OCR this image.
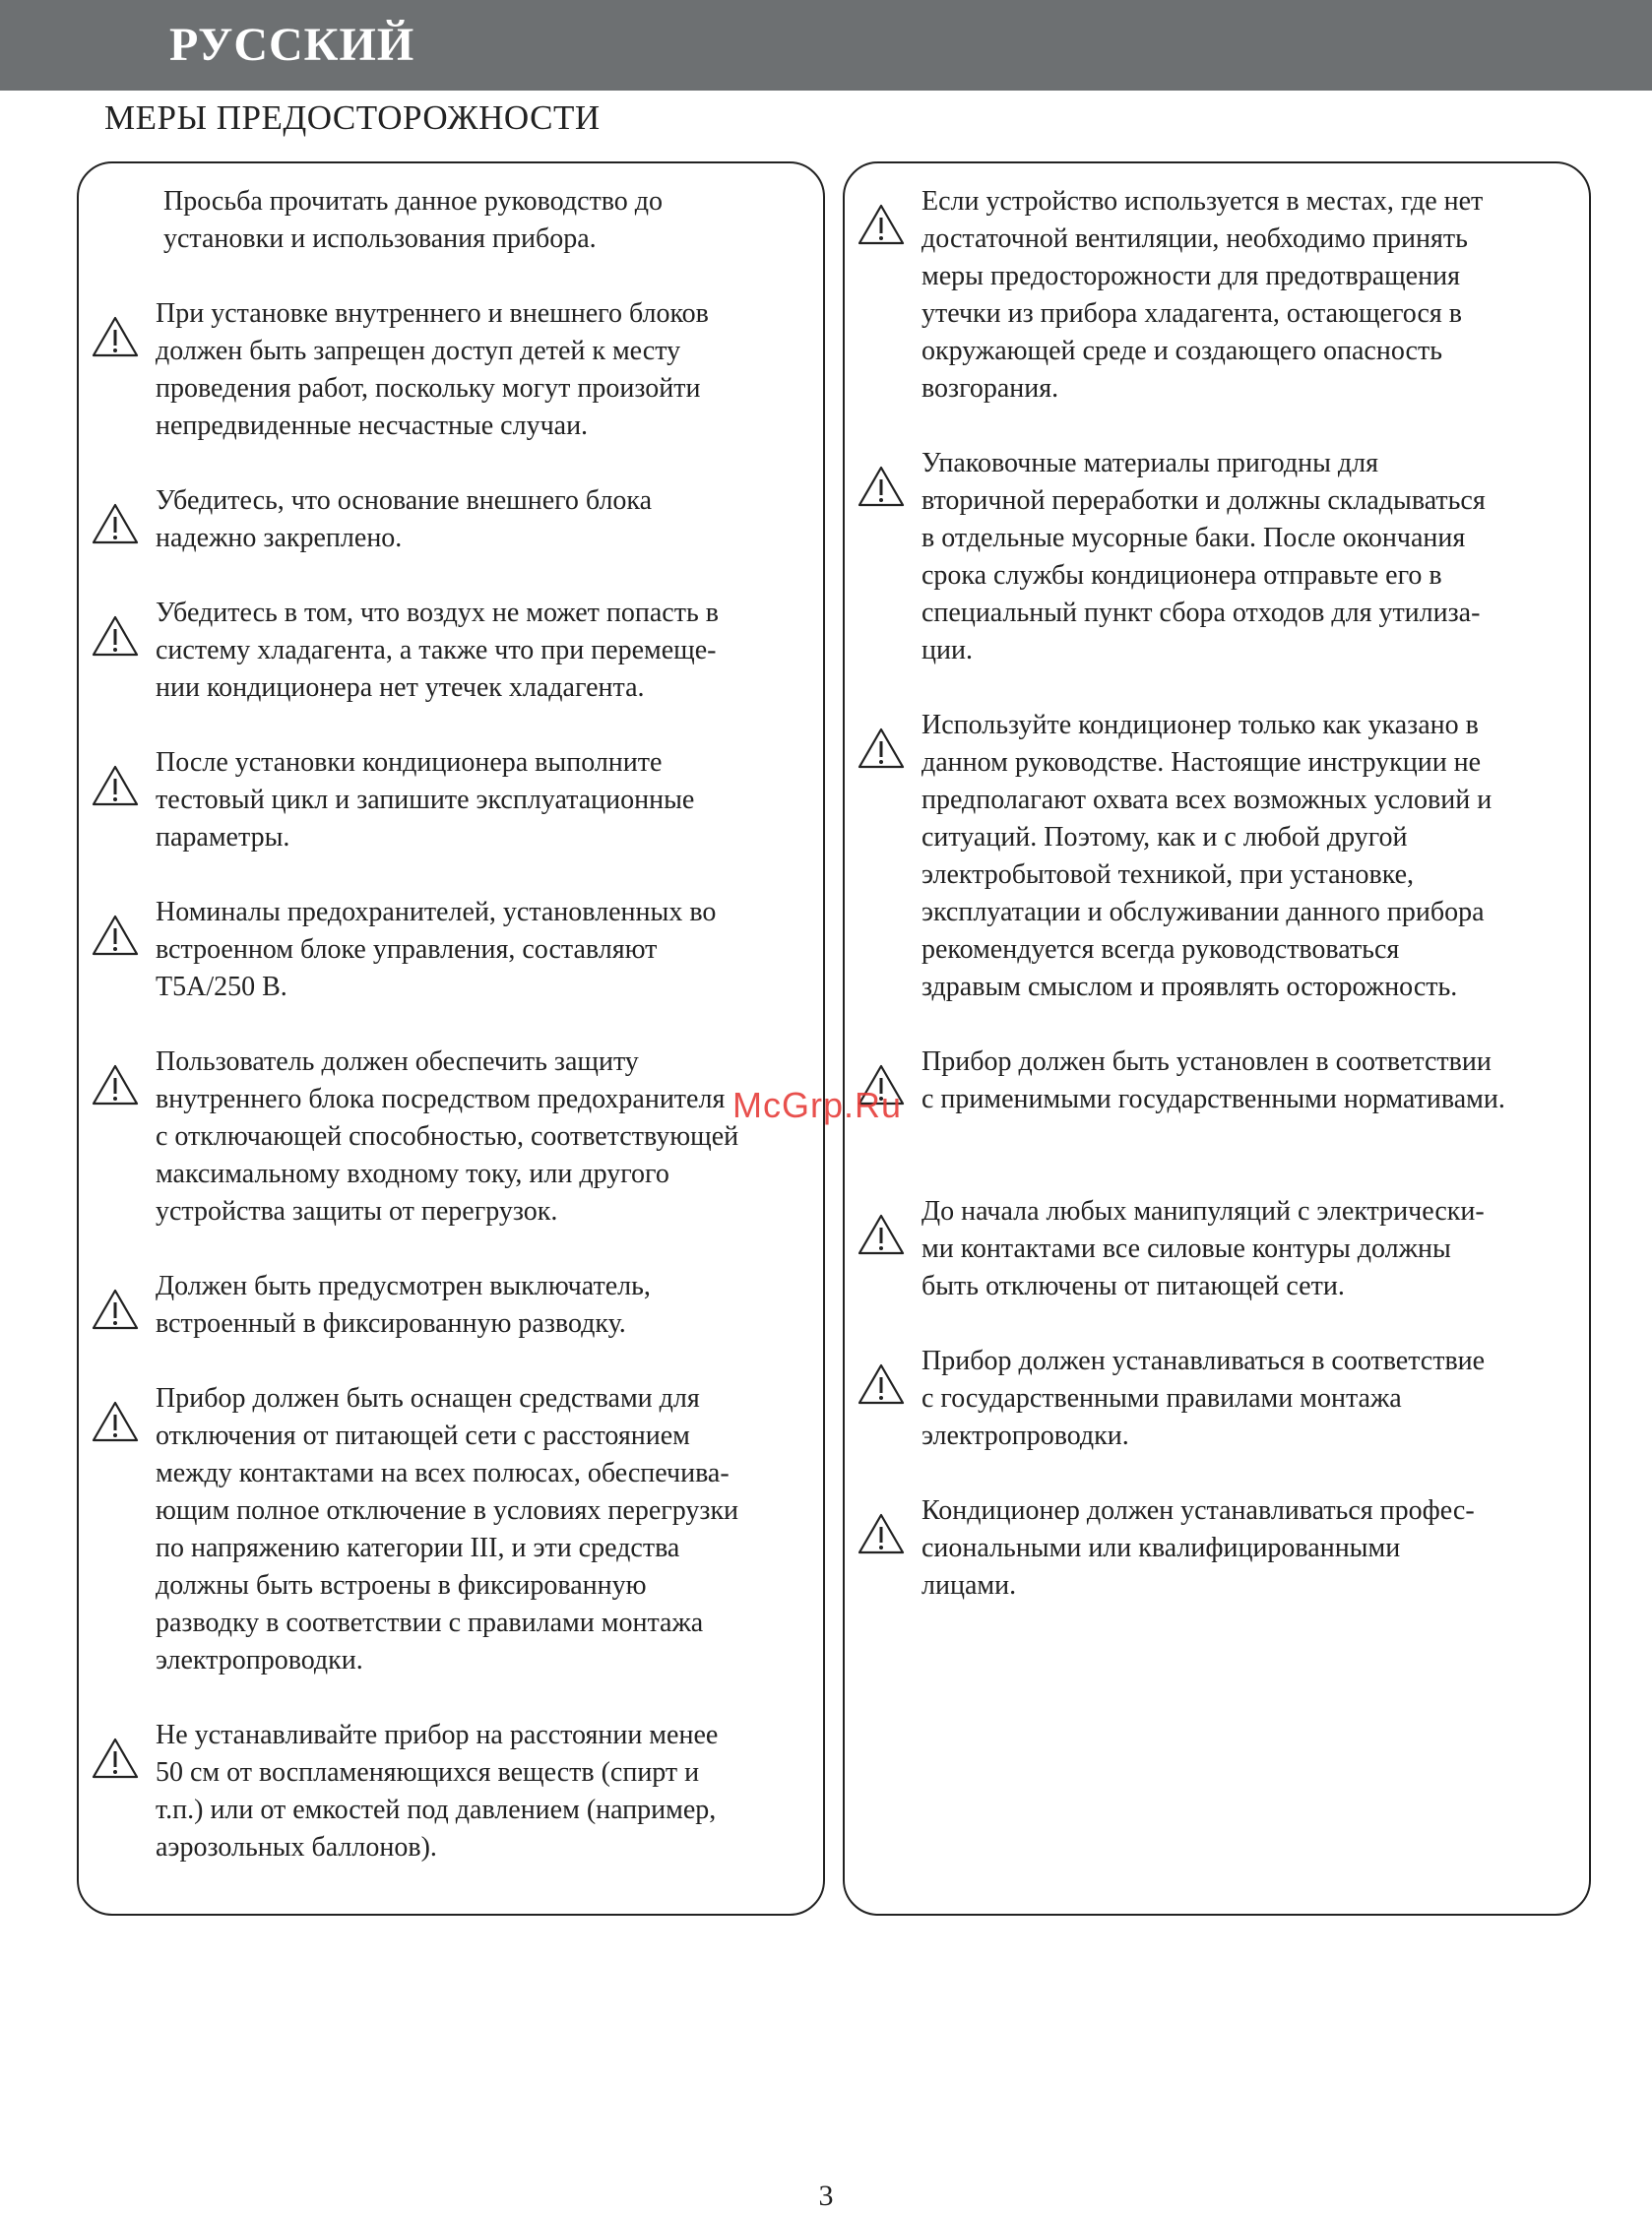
РУССКИЙ
МЕРЫ ПРЕДОСТОРОЖНОСТИ

Просьба прочитать данное руководство до
установки и использования прибора.

При установке внутреннего и внешнего блоков
должен быть запрещен доступ детей к месту
проведения работ, поскольку могут произойти
непредвиденные несчастные случаи.

Убедитесь, что основание внешнего блока
надежно закреплено.

Убедитесь в том, что воздух не может попасть в
систему хладагента, а также что при перемеще-
нии кондиционера нет утечек хладагента.

После установки кондиционера выполните
тестовый цикл и запишите эксплуатационные
параметры.

Номиналы предохранителей, установленных во
встроенном блоке управления, составляют
T5A/250 В.

Пользователь должен обеспечить защиту
внутреннего блока посредством предохранителя
с отключающей способностью, соответствующей
максимальному входному току, или другого
устройства защиты от перегрузок.

Должен быть предусмотрен выключатель,
встроенный в фиксированную разводку.

Прибор должен быть оснащен средствами для
отключения от питающей сети с расстоянием
между контактами на всех полюсах, обеспечива-
ющим полное отключение в условиях перегрузки
по напряжению категории III, и эти средства
должны быть встроены в фиксированную
разводку в соответствии с правилами монтажа
электропроводки.

Не устанавливайте прибор на расстоянии менее
50 см от воспламеняющихся веществ (спирт и
т.п.) или от емкостей под давлением (например,
аэрозольных баллонов).

Если устройство используется в местах, где нет
достаточной вентиляции, необходимо принять
меры предосторожности для предотвращения
утечки из прибора хладагента, остающегося в
окружающей среде и создающего опасность
возгорания.

Упаковочные материалы пригодны для
вторичной переработки и должны складываться
в отдельные мусорные баки. После окончания
срока службы кондиционера отправьте его в
специальный пункт сбора отходов для утилиза-
ции.

Используйте кондиционер только как указано в
данном руководстве. Настоящие инструкции не
предполагают охвата всех возможных условий и
ситуаций. Поэтому, как и с любой другой
электробытовой техникой, при установке,
эксплуатации и обслуживании данного прибора
рекомендуется всегда руководствоваться
здравым смыслом и проявлять осторожность.

Прибор должен быть установлен в соответствии
с применимыми государственными нормативами.

До начала любых манипуляций с электрически-
ми контактами все силовые контуры должны
быть отключены от питающей сети.

Прибор должен устанавливаться в соответствие
с государственными правилами монтажа
электропроводки.

Кондиционер должен устанавливаться профес-
сиональными или квалифицированными
лицами.

McGrp.Ru
3
